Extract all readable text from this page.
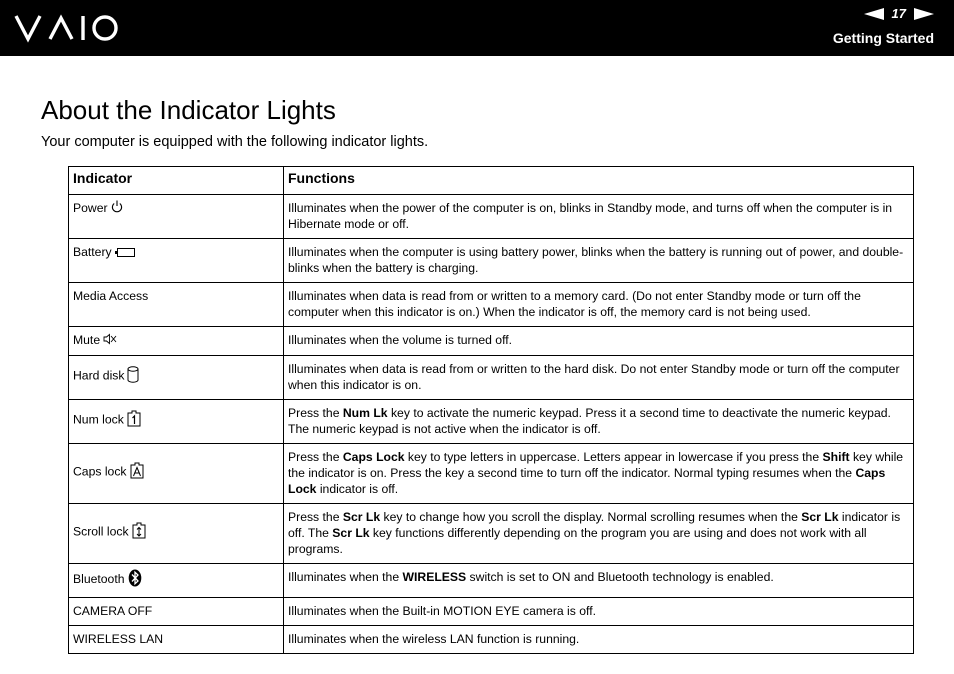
17
Getting Started
About the Indicator Lights

Your computer is equipped with the following indicator lights.

Indicator	Functions
Power	Illuminates when the power of the computer is on, blinks in Standby mode, and turns off when the computer is in Hibernate mode or off.
Battery	Illuminates when the computer is using battery power, blinks when the battery is running out of power, and double-blinks when the battery is charging.
Media Access	Illuminates when data is read from or written to a memory card. (Do not enter Standby mode or turn off the computer when this indicator is on.) When the indicator is off, the memory card is not being used.
Mute	Illuminates when the volume is turned off.
Hard disk	Illuminates when data is read from or written to the hard disk. Do not enter Standby mode or turn off the computer when this indicator is on.
Num lock	Press the Num Lk key to activate the numeric keypad. Press it a second time to deactivate the numeric keypad. The numeric keypad is not active when the indicator is off.
Caps lock	Press the Caps Lock key to type letters in uppercase. Letters appear in lowercase if you press the Shift key while the indicator is on. Press the key a second time to turn off the indicator. Normal typing resumes when the Caps Lock indicator is off.
Scroll lock	Press the Scr Lk key to change how you scroll the display. Normal scrolling resumes when the Scr Lk indicator is off. The Scr Lk key functions differently depending on the program you are using and does not work with all programs.
Bluetooth	Illuminates when the WIRELESS switch is set to ON and Bluetooth technology is enabled.
CAMERA OFF	Illuminates when the Built-in MOTION EYE camera is off.
WIRELESS LAN	Illuminates when the wireless LAN function is running.
